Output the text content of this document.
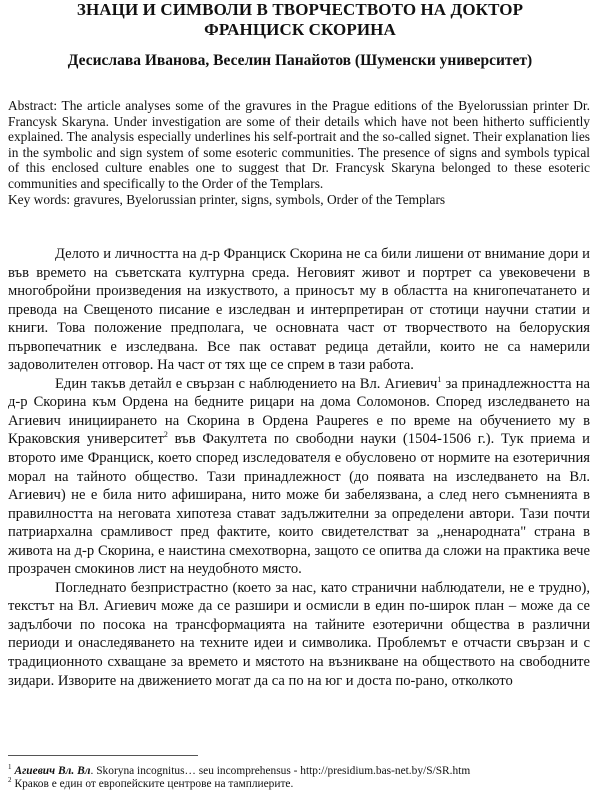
ЗНАЦИ И СИМВОЛИ В ТВОРЧЕСТВОТО НА ДОКТОР
ФРАНЦИСК СКОРИНА
Десислава Иванова, Веселин Панайотов (Шуменски университет)

Abstract: The article analyses some of the gravures in the Prague editions of the Byelorussian printer Dr. Francysk Skaryna. Under investigation are some of their details which have not been hitherto sufficiently explained. The analysis especially underlines his self-portrait and the so-called signet. Their explanation lies in the symbolic and sign system of some esoteric communities. The presence of signs and symbols typical of this enclosed culture enables one to suggest that Dr. Francysk Skaryna belonged to these esoteric communities and specifically to the Order of the Templars.

Key words: gravures, Byelorussian printer, signs, symbols, Order of the Templars

Делото и личността на д-р Франциск Скорина не са били лишени от внимание дори и във времето на съветската културна среда. Неговият живот и портрет са увековечени в многобройни произведения на изкуството, а приносът му в областта на книгопечатането и превода на Свещеното писание е изследван и интерпретиран от стотици научни статии и книги. Това положение предполага, че основната част от творчеството на белоруския първопечатник е изследвана. Все пак остават редица детайли, които не са намерили задоволителен отговор. На част от тях ще се спрем в тази работа.

Един такъв детайл е свързан с наблюдението на Вл. Агиевич$^1$ за принадлежността на д-р Скорина към Ордена на бедните рицари на дома Соломонов. Според изследването на Агиевич инициирането на Скорина в Ордена Pauperes е по време на обучението му в Краковския университет$^2$ във Факултета по свободни науки (1504-1506 г.). Тук приема и второто име Франциск, което според изследователя е обусловено от нормите на езотеричния морал на тайното общество. Тази принадлежност (до появата на изследването на Вл. Агиевич) не е била нито афиширана, нито може би забелязвана, а след него съмненията в правилността на неговата хипотеза стават задължителни за определени автори. Тази почти патриархална срамливост пред фактите, които свидетелстват за „ненародната" страна в живота на д-р Скорина, е наистина смехотворна, защото се опитва да сложи на практика вече прозрачен смокинов лист на неудобното място.

Погледнато безпристрастно (което за нас, като странични наблюдатели, не е трудно), текстът на Вл. Агиевич може да се разшири и осмисли в един по-широк план – може да се задълбочи по посока на трансформацията на тайните езотерични общества в различни периоди и онаследяването на техните идеи и символика. Проблемът е отчасти свързан и с традиционното схващане за времето и мястото на възникване на обществото на свободните зидари. Изворите на движението могат да са по на юг и доста по-рано, отколкото

$^1$ Агиевич Вл. Вл. Skoryna incognitus… seu incomprehensus - http://presidium.bas-net.by/S/SR.htm
$^2$ Краков е един от европейските центрове на тамплиерите.
